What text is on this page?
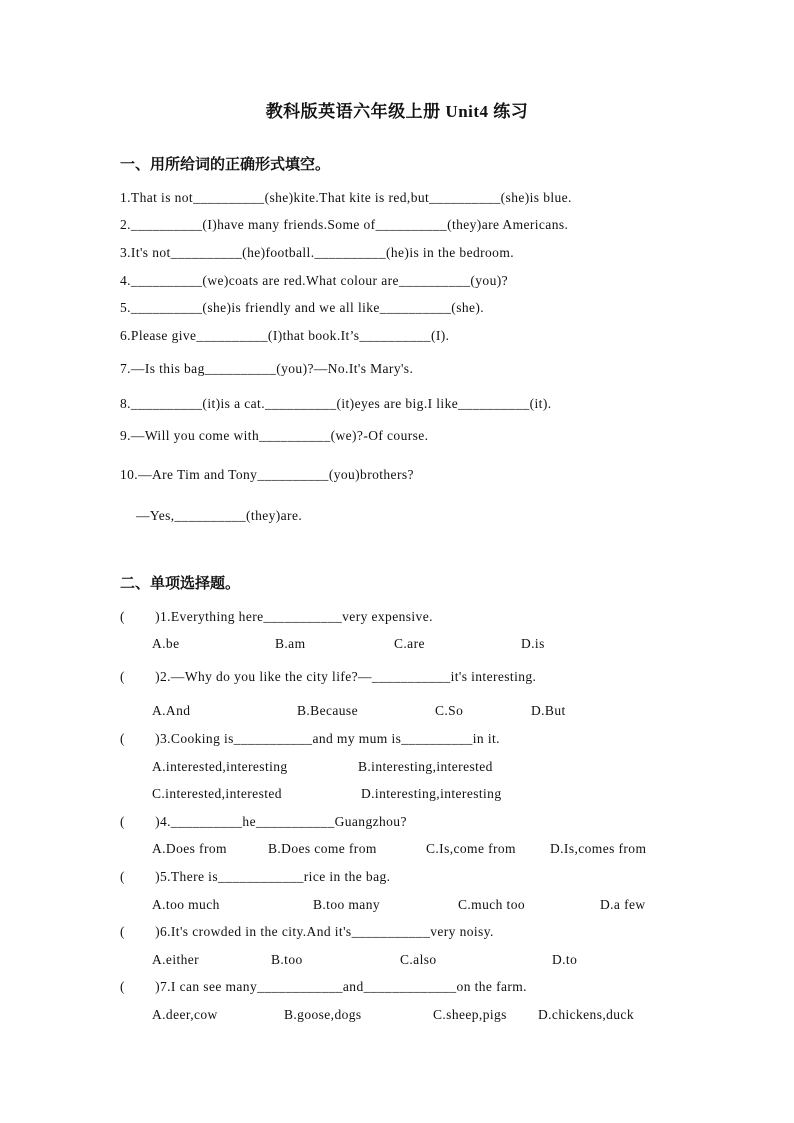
教科版英语六年级上册 Unit4 练习
一、用所给词的正确形式填空。
1.That is not__________(she)kite.That kite is red,but__________(she)is blue.
2.__________(I)have many friends.Some of__________(they)are Americans.
3.It's not__________(he)football.__________(he)is in the bedroom.
4.__________(we)coats are red.What colour are__________(you)?
5.__________(she)is friendly and we all like__________(she).
6.Please give__________(I)that book.It’s__________(I).
7.—Is this bag__________(you)?—No.It's Mary's.
8.__________(it)is a cat.__________(it)eyes are big.I like__________(it).
9.—Will you come with__________(we)?-Of course.
10.—Are Tim and Tony__________(you)brothers?
—Yes,__________(they)are.
二、单项选择题。
(        )1.Everything here___________very expensive.
A.be	B.am	C.are	D.is
(        )2.—Why do you like the city life?—___________it's interesting.
A.And	B.Because	C.So	D.But
(        )3.Cooking is___________and my mum is__________in it.
A.interested,interesting	B.interesting,interested
C.interested,interested	D.interesting,interesting
(        )4.__________he___________Guangzhou?
A.Does from	B.Does come from	C.Is,come from	D.Is,comes from
(        )5.There is____________rice in the bag.
A.too much	B.too many	C.much too	D.a few
(        )6.It's crowded in the city.And it's___________very noisy.
A.either	B.too	C.also	D.to
(        )7.I can see many____________and_____________on the farm.
A.deer,cow	B.goose,dogs	C.sheep,pigs D.chickens,duck
